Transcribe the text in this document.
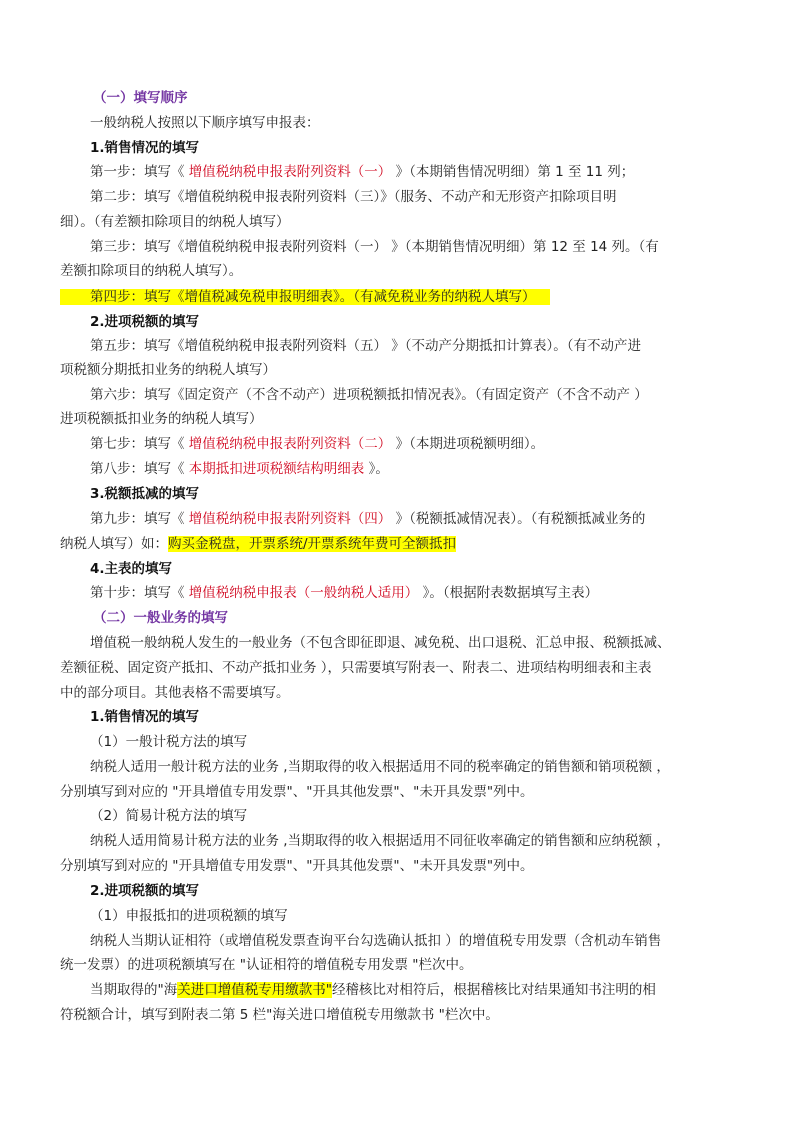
（一）填写顺序
一般纳税人按照以下顺序填写申报表：
1.销售情况的填写
第一步：填写《 增值税纳税申报表附列资料（一） 》（本期销售情况明细）第 1 至 11 列；
第二步：填写《增值税纳税申报表附列资料（三）》（服务、不动产和无形资产扣除项目明
细）。（有差额扣除项目的纳税人填写）
第三步：填写《增值税纳税申报表附列资料（一） 》（本期销售情况明细）第 12 至 14 列。（有
差额扣除项目的纳税人填写）。
第四步：填写《增值税减免税申报明细表》。（有减免税业务的纳税人填写）
2.进项税额的填写
第五步：填写《增值税纳税申报表附列资料（五） 》（不动产分期抵扣计算表）。（有不动产进
项税额分期抵扣业务的纳税人填写）
第六步：填写《固定资产（不含不动产）进项税额抵扣情况表》。（有固定资产（不含不动产 ）
进项税额抵扣业务的纳税人填写）
第七步：填写《 增值税纳税申报表附列资料（二） 》（本期进项税额明细）。
第八步：填写《 本期抵扣进项税额结构明细表 》。
3.税额抵减的填写
第九步：填写《 增值税纳税申报表附列资料（四） 》（税额抵减情况表）。（有税额抵减业务的
纳税人填写）如：购买金税盘，开票系统/开票系统年费可全额抵扣
4.主表的填写
第十步：填写《 增值税纳税申报表（一般纳税人适用） 》。（根据附表数据填写主表）
（二）一般业务的填写
增值税一般纳税人发生的一般业务（不包含即征即退、减免税、出口退税、汇总申报、税额抵减、
差额征税、固定资产抵扣、不动产抵扣业务 ），只需要填写附表一、附表二、进项结构明细表和主表
中的部分项目。其他表格不需要填写。
1.销售情况的填写
（1）一般计税方法的填写
纳税人适用一般计税方法的业务 ,当期取得的收入根据适用不同的税率确定的销售额和销项税额 ，
分别填写到对应的 "开具增值专用发票"、"开具其他发票"、"未开具发票"列中。
（2）简易计税方法的填写
纳税人适用简易计税方法的业务 ,当期取得的收入根据适用不同征收率确定的销售额和应纳税额 ，
分别填写到对应的 "开具增值专用发票"、"开具其他发票"、"未开具发票"列中。
2.进项税额的填写
（1）申报抵扣的进项税额的填写
纳税人当期认证相符（或增值税发票查询平台勾选确认抵扣 ）的增值税专用发票（含机动车销售
统一发票）的进项税额填写在 "认证相符的增值税专用发票 "栏次中。
当期取得的"海关进口增值税专用缴款书"经稽核比对相符后，根据稽核比对结果通知书注明的相
符税额合计，填写到附表二第 5 栏"海关进口增值税专用缴款书 "栏次中。
